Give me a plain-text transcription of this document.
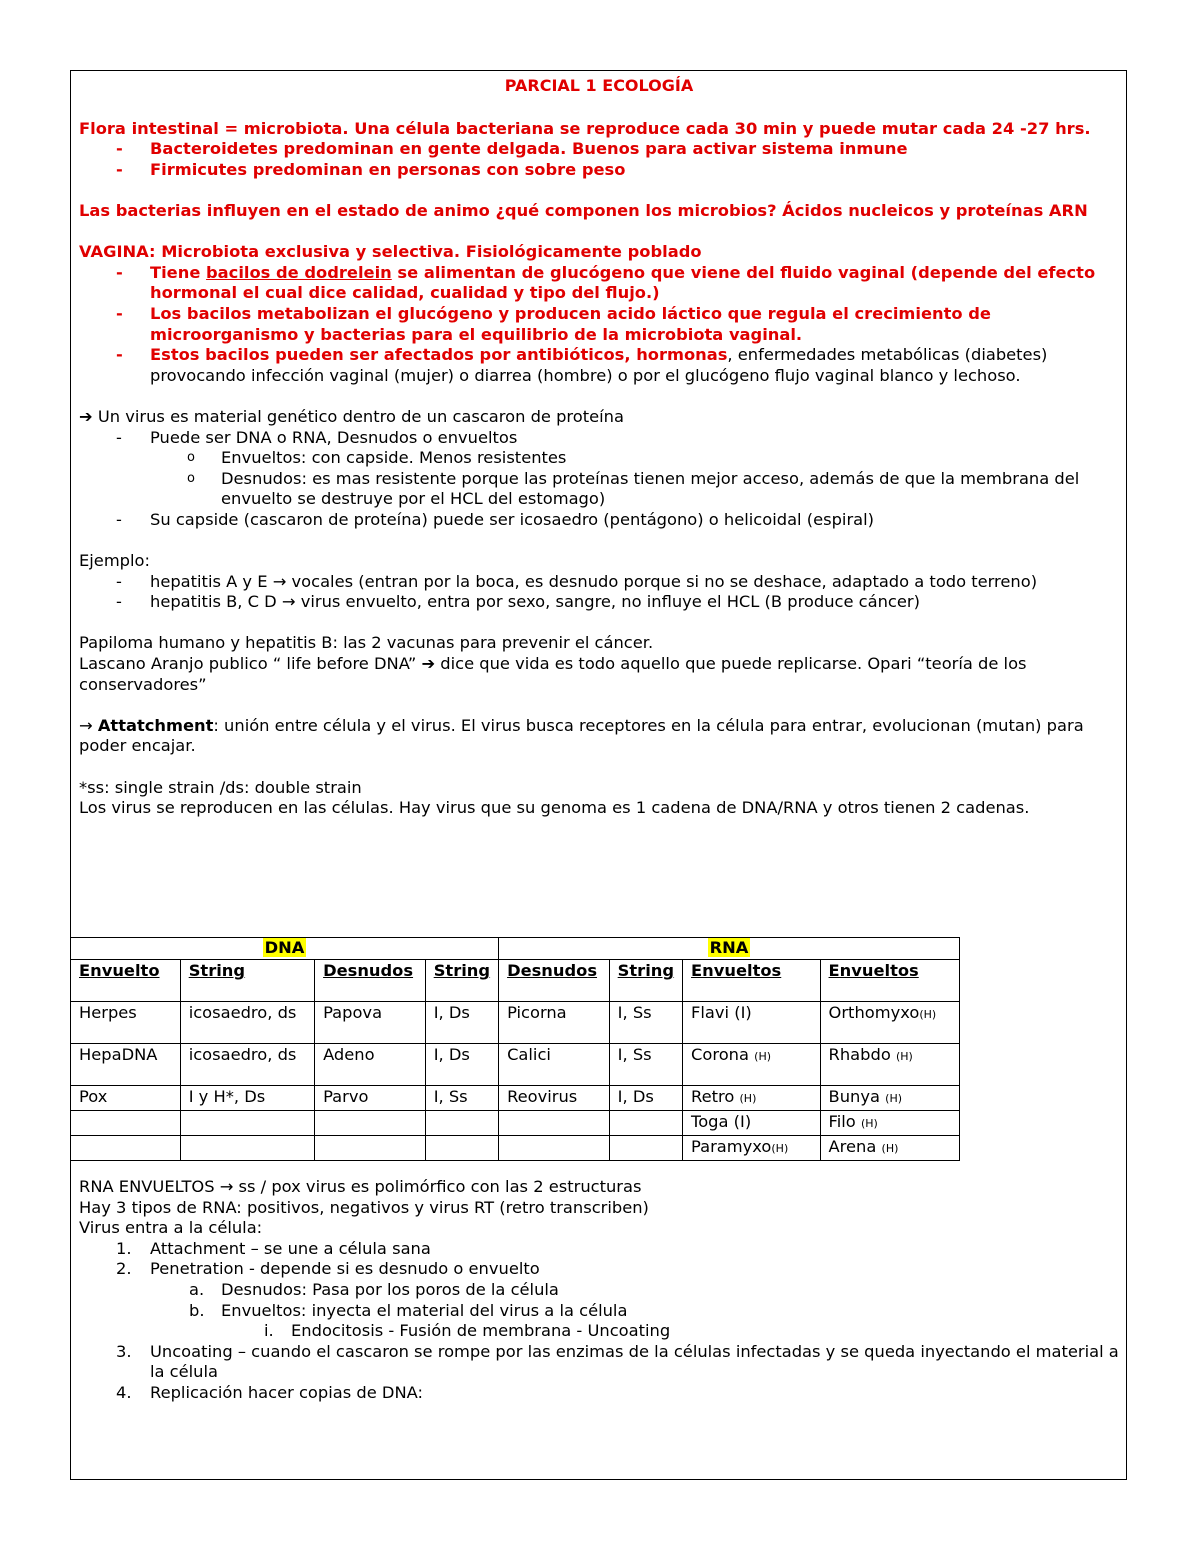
PARCIAL 1 ECOLOGÍA
Flora intestinal = microbiota. Una célula bacteriana se reproduce cada 30 min y puede mutar cada 24 -27 hrs.
- Bacteroidetes predominan en gente delgada. Buenos para activar sistema inmune
- Firmicutes predominan en personas con sobre peso
Las bacterias influyen en el estado de animo ¿qué componen los microbios? Ácidos nucleicos y proteínas ARN
VAGINA: Microbiota exclusiva y selectiva. Fisiológicamente poblado
- Tiene bacilos de dodrelein se alimentan de glucógeno que viene del fluido vaginal (depende del efecto hormonal el cual dice calidad, cualidad y tipo del flujo.)
- Los bacilos metabolizan el glucógeno y producen acido láctico que regula el crecimiento de microorganismo y bacterias para el equilibrio de la microbiota vaginal.
- Estos bacilos pueden ser afectados por antibióticos, hormonas, enfermedades metabólicas (diabetes) provocando infección vaginal (mujer) o diarrea (hombre) o por el glucógeno flujo vaginal blanco y lechoso.
➔ Un virus es material genético dentro de un cascaron de proteína
- Puede ser DNA o RNA, Desnudos o envueltos
o Envueltos: con capside. Menos resistentes
o Desnudos: es mas resistente porque las proteínas tienen mejor acceso, además de que la membrana del envuelto se destruye por el HCL del estomago)
- Su capside (cascaron de proteína) puede ser icosaedro (pentágono) o helicoidal (espiral)
Ejemplo:
- hepatitis A y E → vocales (entran por la boca, es desnudo porque si no se deshace, adaptado a todo terreno)
- hepatitis B, C D → virus envuelto, entra por sexo, sangre, no influye el HCL (B produce cáncer)
Papiloma humano y hepatitis B: las 2 vacunas para prevenir el cáncer.
Lascano Aranjo publico “ life before DNA” ➔ dice que vida es todo aquello que puede replicarse. Opari “teoría de los conservadores”
→ Attatchment: unión entre célula y el virus. El virus busca receptores en la célula para entrar, evolucionan (mutan) para poder encajar.
*ss: single strain /ds: double strain
Los virus se reproducen en las células. Hay virus que su genoma es 1 cadena de DNA/RNA y otros tienen 2 cadenas.
DNA				RNA			
Envuelto	String	Desnudos	String	Desnudos	String	Envueltos	Envueltos
Herpes	icosaedro, ds	Papova	I, Ds	Picorna	I, Ss	Flavi (I)	Orthomyxo(H)
HepaDNA	icosaedro, ds	Adeno	I, Ds	Calici	I, Ss	Corona (H)	Rhabdo (H)
Pox	I y H*, Ds	Parvo	I, Ss	Reovirus	I, Ds	Retro (H)	Bunya (H)
						Toga (I)	Filo (H)
						Paramyxo(H)	Arena (H)
RNA ENVUELTOS → ss / pox virus es polimórfico con las 2 estructuras
Hay 3 tipos de RNA: positivos, negativos y virus RT (retro transcriben)
Virus entra a la célula:
1. Attachment – se une a célula sana
2. Penetration - depende si es desnudo o envuelto
a. Desnudos: Pasa por los poros de la célula
b. Envueltos: inyecta el material del virus a la célula
i. Endocitosis - Fusión de membrana - Uncoating
3. Uncoating – cuando el cascaron se rompe por las enzimas de la células infectadas y se queda inyectando el material a la célula
4. Replicación hacer copias de DNA:
